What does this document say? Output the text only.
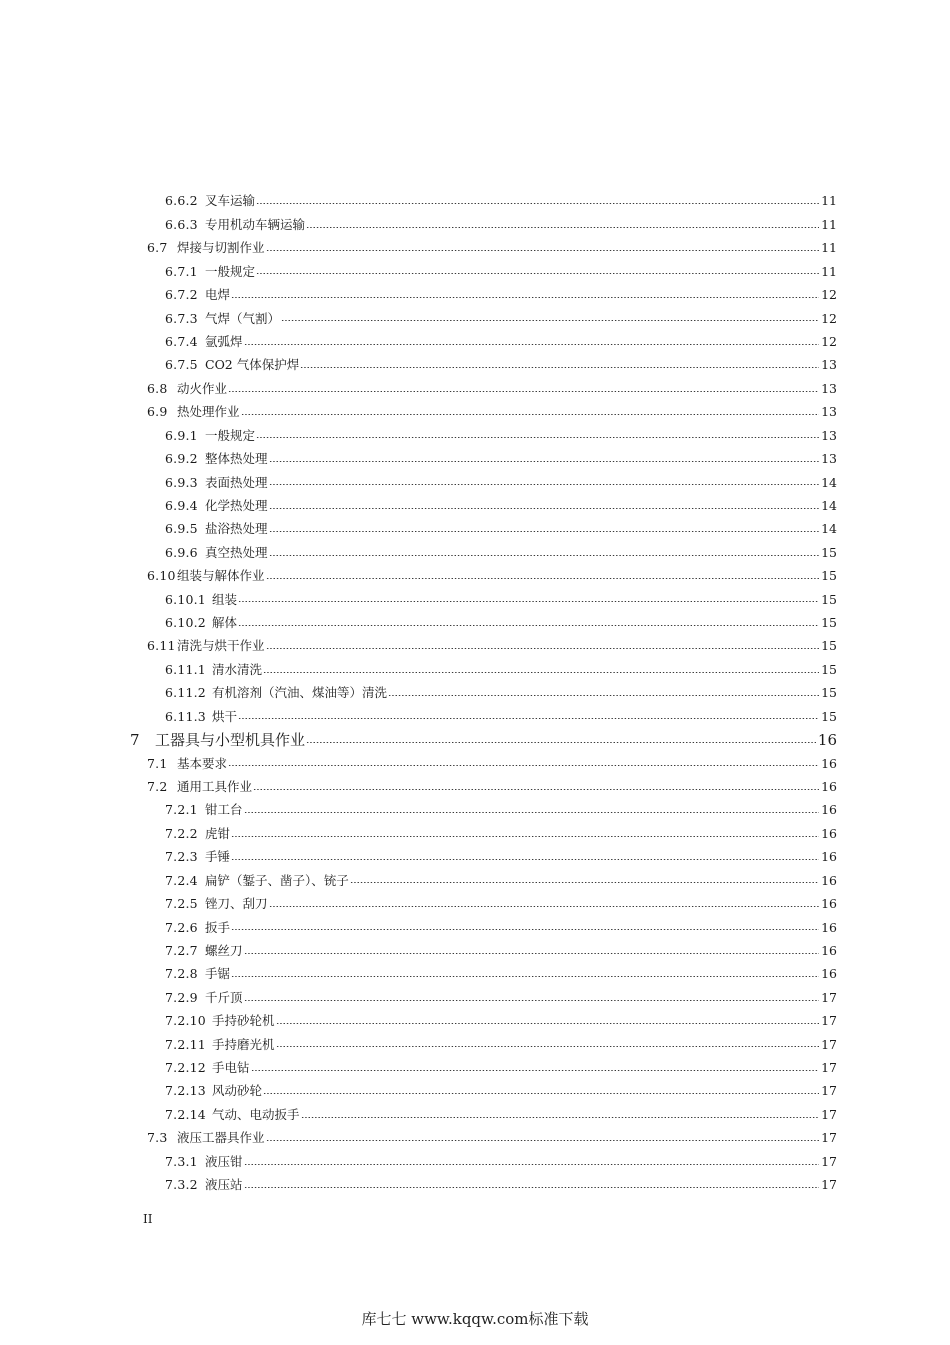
6.6.2 叉车运输	11
6.6.3 专用机动车辆运输	11
6.7 焊接与切割作业	11
6.7.1 一般规定	11
6.7.2 电焊	12
6.7.3 气焊（气割）	12
6.7.4 氩弧焊	12
6.7.5 CO2 气体保护焊	13
6.8 动火作业	13
6.9 热处理作业	13
6.9.1 一般规定	13
6.9.2 整体热处理	13
6.9.3 表面热处理	14
6.9.4 化学热处理	14
6.9.5 盐浴热处理	14
6.9.6 真空热处理	15
6.10 组装与解体作业	15
6.10.1 组装	15
6.10.2 解体	15
6.11 清洗与烘干作业	15
6.11.1 清水清洗	15
6.11.2 有机溶剂（汽油、煤油等）清洗	15
6.11.3 烘干	15
7	工器具与小型机具作业	16
7.1 基本要求	16
7.2 通用工具作业	16
7.2.1 钳工台	16
7.2.2 虎钳	16
7.2.3 手锤	16
7.2.4 扁铲（錾子、凿子）、铳子	16
7.2.5 锉刀、刮刀	16
7.2.6 扳手	16
7.2.7 螺丝刀	16
7.2.8 手锯	16
7.2.9 千斤顶	17
7.2.10 手持砂轮机	17
7.2.11 手持磨光机	17
7.2.12 手电钻	17
7.2.13 风动砂轮	17
7.2.14 气动、电动扳手	17
7.3 液压工器具作业	17
7.3.1 液压钳	17
7.3.2 液压站	17
II
库七七 www.kqqw.com标准下载
